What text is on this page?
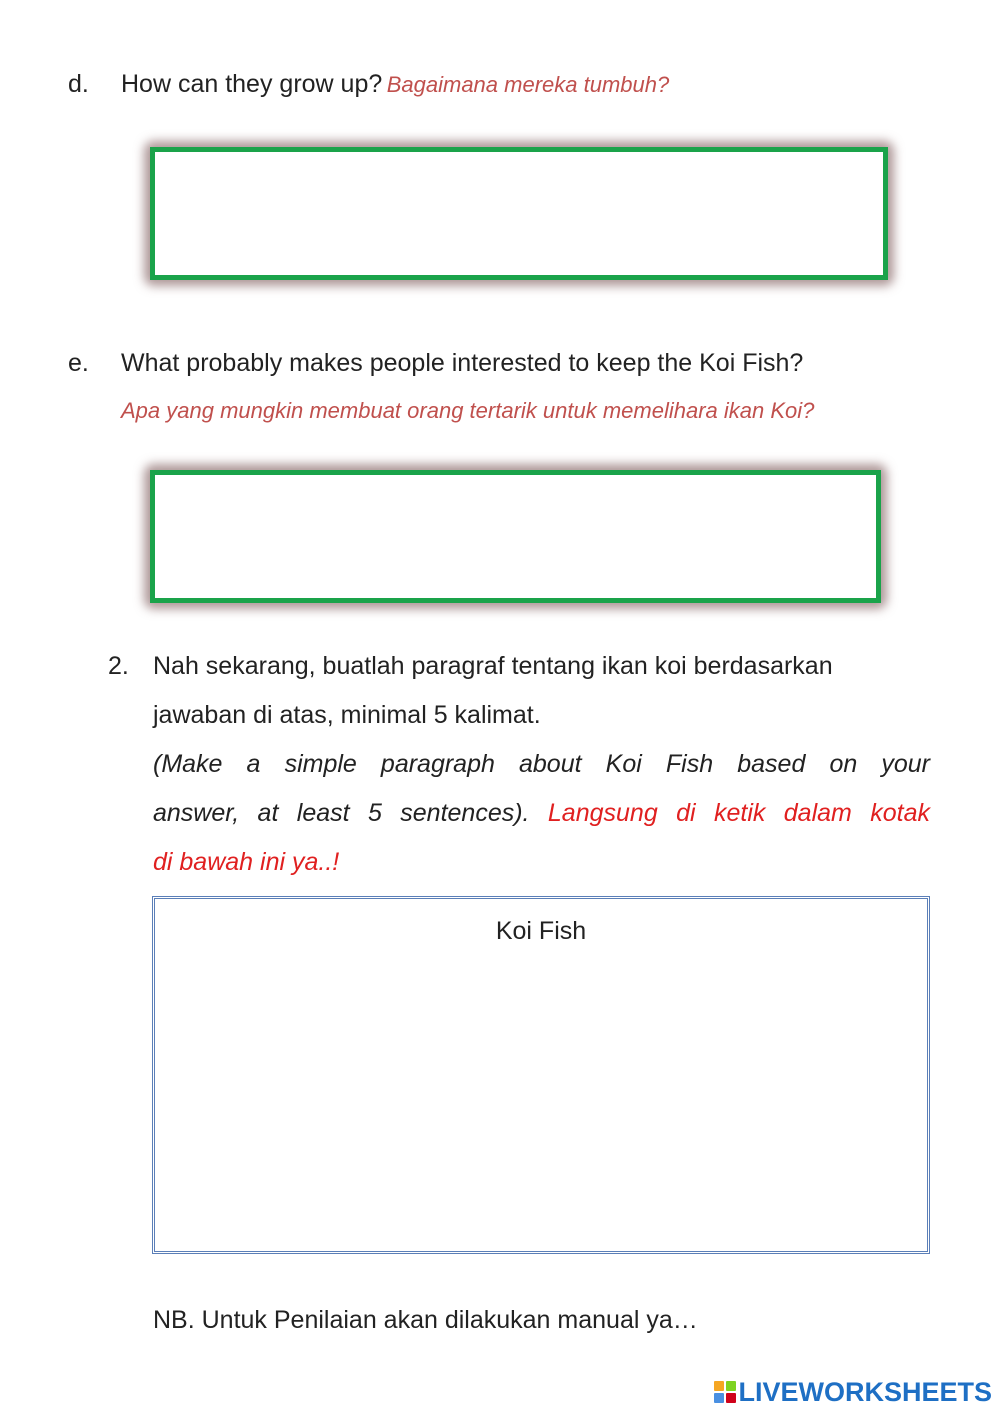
d. How can they grow up? Bagaimana mereka tumbuh?
e. What probably makes people interested to keep the Koi Fish?
Apa yang mungkin membuat orang tertarik untuk memelihara ikan Koi?
2. Nah sekarang, buatlah paragraf tentang ikan koi berdasarkan
jawaban di atas, minimal 5 kalimat.
(Make a simple paragraph about Koi Fish based on your
answer, at least 5 sentences). Langsung di ketik dalam kotak
di bawah ini ya..!
Koi Fish
NB. Untuk Penilaian akan dilakukan manual ya…
LIVEWORKSHEETS
